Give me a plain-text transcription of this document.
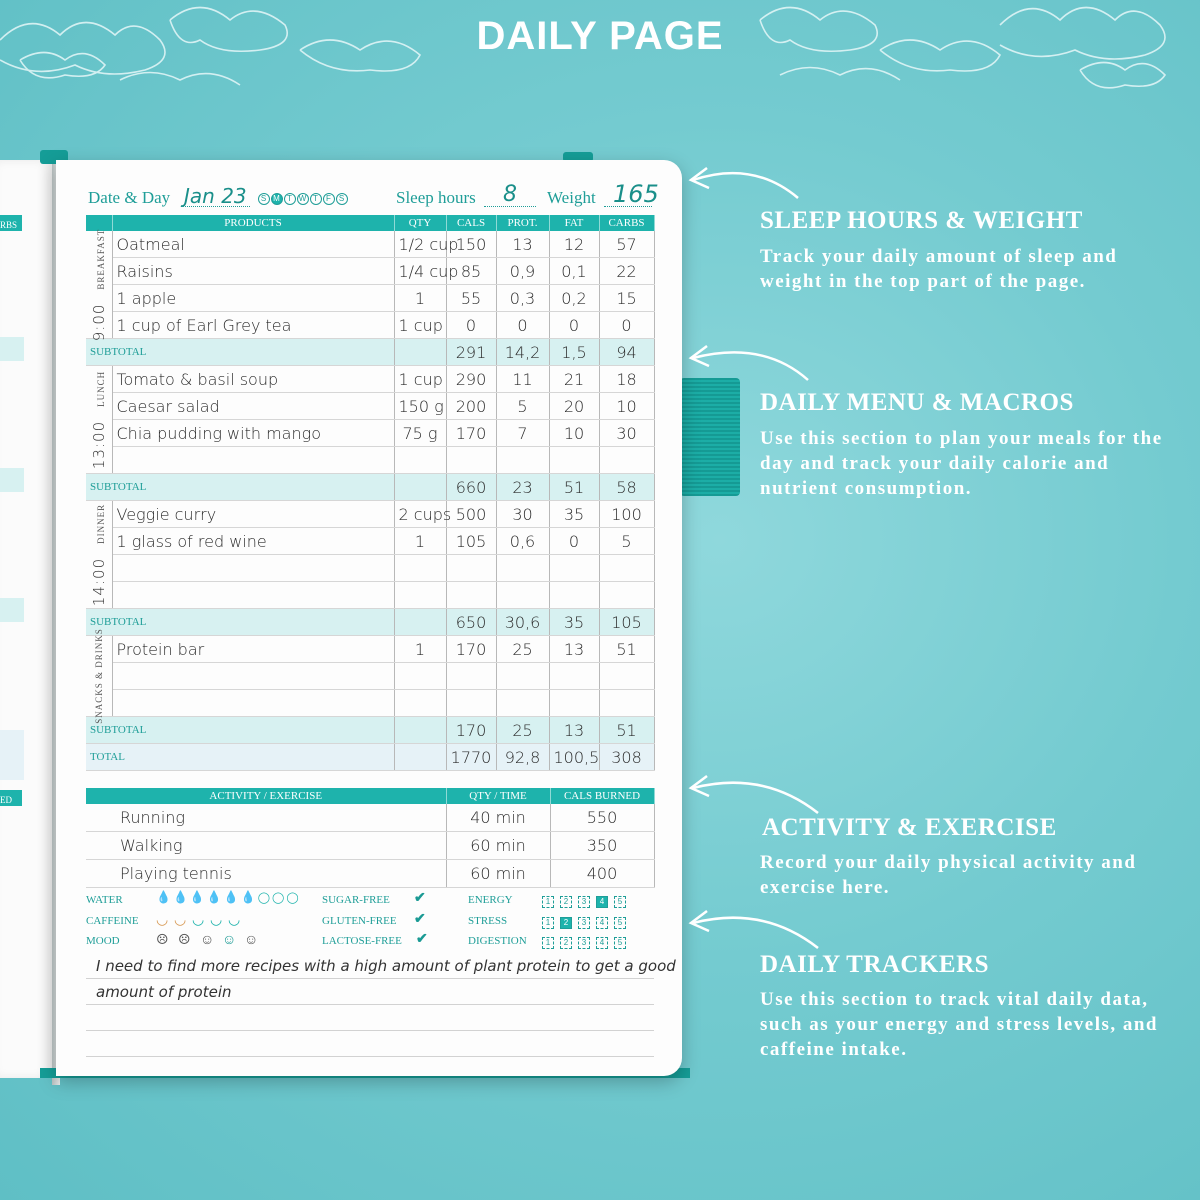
DAILY PAGE
RBS
ED
Date & Day Jan 23	S M T W T F S	Sleep hours 8 Weight 165
	PRODUCTS	QTY	CALS	PROT.	FAT	CARBS

9:00BREAKFAST	Oatmeal	1/2 cup	150	13	12	57
	Raisins	1/4 cup	85	0,9	0,1	22
	1 apple	1	55	0,3	0,2	15
	1 cup of Earl Grey tea	1 cup	0	0	0	0
SUBTOTAL			291	14,2	1,5	94

13:00LUNCH	Tomato & basil soup	1 cup	290	11	21	18
	Caesar salad	150 g	200	5	20	10
	Chia pudding with mango	75 g	170	7	10	30

SUBTOTAL			660	23	51	58

14:00DINNER	Veggie curry	2 cups	500	30	35	100
	1 glass of red wine	1	105	0,6	0	5

SUBTOTAL			650	30,6	35	105

SNACKS & DRINKS	Protein bar	1	170	25	13	51

SUBTOTAL			170	25	13	51
TOTAL			1770	92,8	100,5	308
ACTIVITY / EXERCISE	QTY / TIME	CALS BURNED
Running	40 min	550
Walking	60 min	350
Playing tennis	60 min	400
WATER	💧💧💧💧💧💧◯◯◯
CAFFEINE ◡ ◡ ◡ ◡ ◡
MOOD	☹ ☹ ☺ ☺ ☺
SUGAR-FREE ✔
GLUTEN-FREE ✔
LACTOSE-FREE ✔
ENERGY	1 2 3 4 5
STRESS	1 2 3 4 5
DIGESTION	1 2 3 4 5
I need to find more recipes with a high amount of plant protein to get a good
amount of protein
SLEEP HOURS & WEIGHT

Track your daily amount of sleep and weight in the top part of the page.

DAILY MENU & MACROS

Use this section to plan your meals for the day and track your daily calorie and nutrient consumption.

ACTIVITY & EXERCISE

Record your daily physical activity and exercise here.

DAILY TRACKERS

Use this section to track vital daily data, such as your energy and stress levels, and caffeine intake.
